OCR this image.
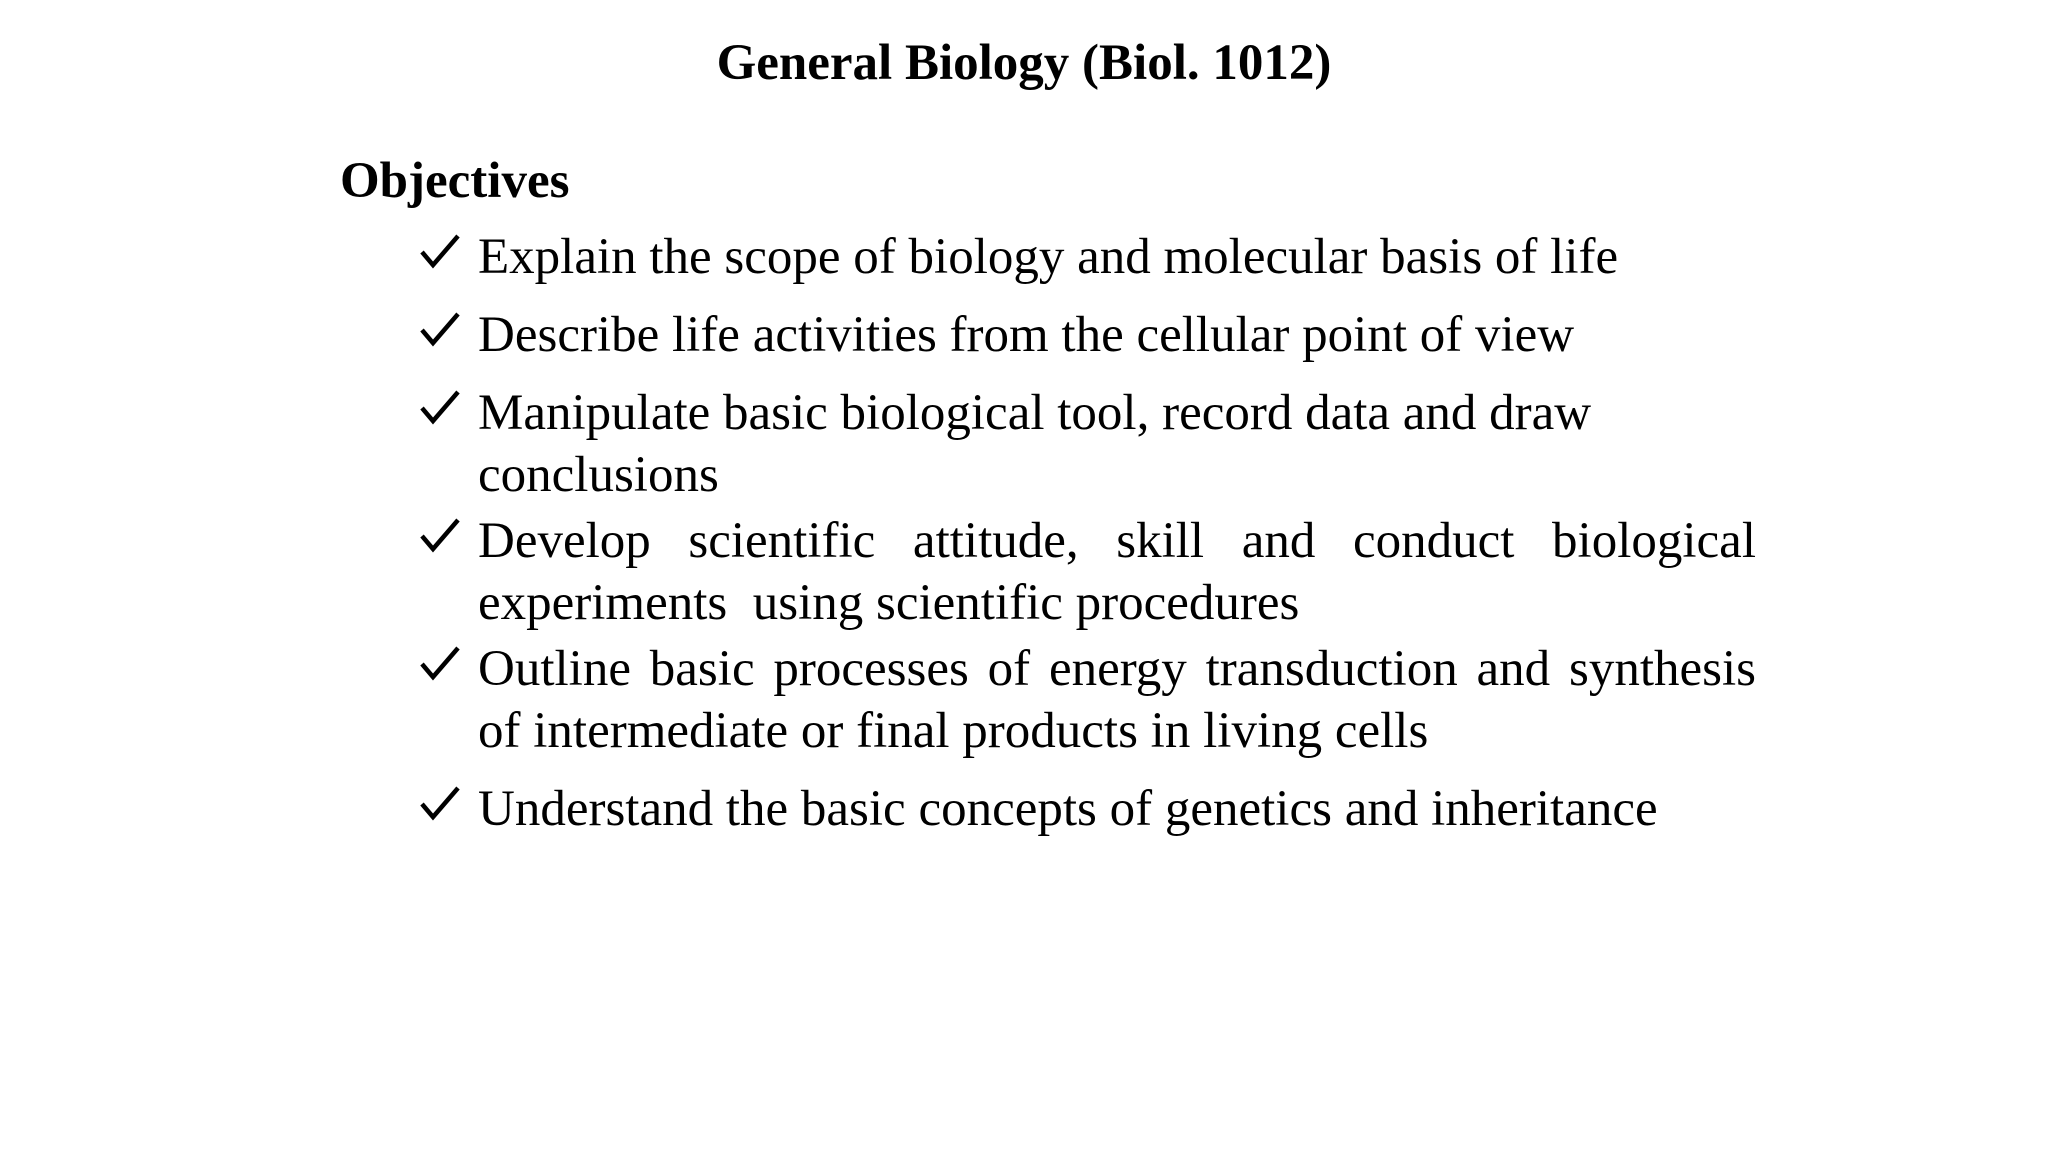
General Biology (Biol. 1012)
Objectives
Explain the scope of biology and molecular basis of life
Describe life activities from the cellular point of view
Manipulate basic biological tool, record data and draw conclusions
Develop scientific attitude, skill and conduct biological experiments  using scientific procedures
Outline basic processes of energy transduction and synthesis of intermediate or final products in living cells
Understand the basic concepts of genetics and inheritance
